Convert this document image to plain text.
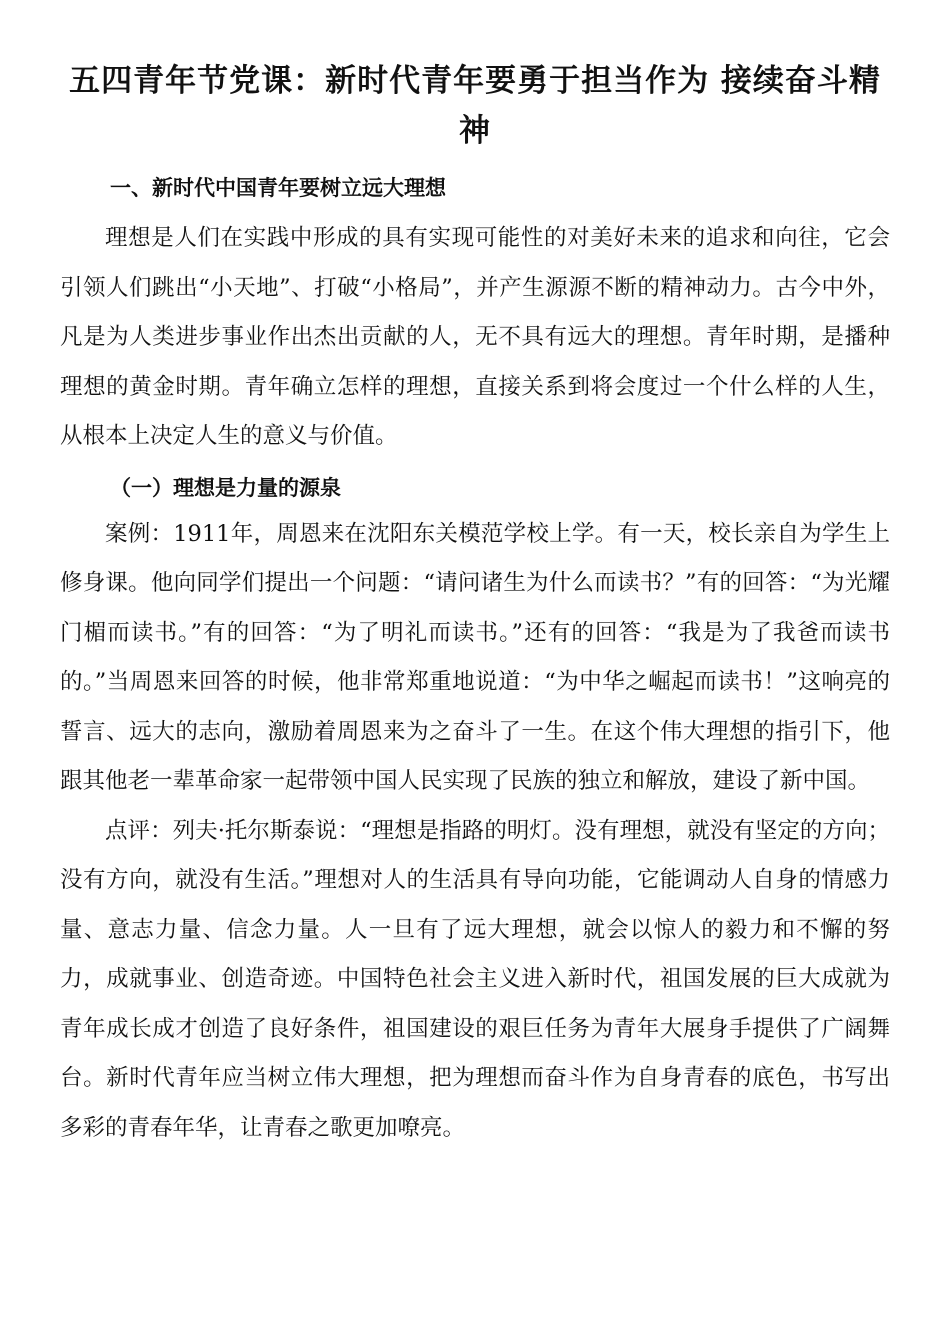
五四青年节党课：新时代青年要勇于担当作为 接续奋斗精神
一、新时代中国青年要树立远大理想

理想是人们在实践中形成的具有实现可能性的对美好未来的追求和向往，它会引领人们跳出“小天地”、打破“小格局”，并产生源源不断的精神动力。古今中外，凡是为人类进步事业作出杰出贡献的人，无不具有远大的理想。青年时期，是播种理想的黄金时期。青年确立怎样的理想，直接关系到将会度过一个什么样的人生，从根本上决定人生的意义与价值。

（一）理想是力量的源泉

案例：1911年，周恩来在沈阳东关模范学校上学。有一天，校长亲自为学生上修身课。他向同学们提出一个问题：“请问诸生为什么而读书？”有的回答：“为光耀门楣而读书。”有的回答：“为了明礼而读书。”还有的回答：“我是为了我爸而读书的。”当周恩来回答的时候，他非常郑重地说道：“为中华之崛起而读书！”这响亮的誓言、远大的志向，激励着周恩来为之奋斗了一生。在这个伟大理想的指引下，他跟其他老一辈革命家一起带领中国人民实现了民族的独立和解放，建设了新中国。

点评：列夫·托尔斯泰说：“理想是指路的明灯。没有理想，就没有坚定的方向；没有方向，就没有生活。”理想对人的生活具有导向功能，它能调动人自身的情感力量、意志力量、信念力量。人一旦有了远大理想，就会以惊人的毅力和不懈的努力，成就事业、创造奇迹。中国特色社会主义进入新时代，祖国发展的巨大成就为青年成长成才创造了良好条件，祖国建设的艰巨任务为青年大展身手提供了广阔舞台。新时代青年应当树立伟大理想，把为理想而奋斗作为自身青春的底色，书写出多彩的青春年华，让青春之歌更加嘹亮。
